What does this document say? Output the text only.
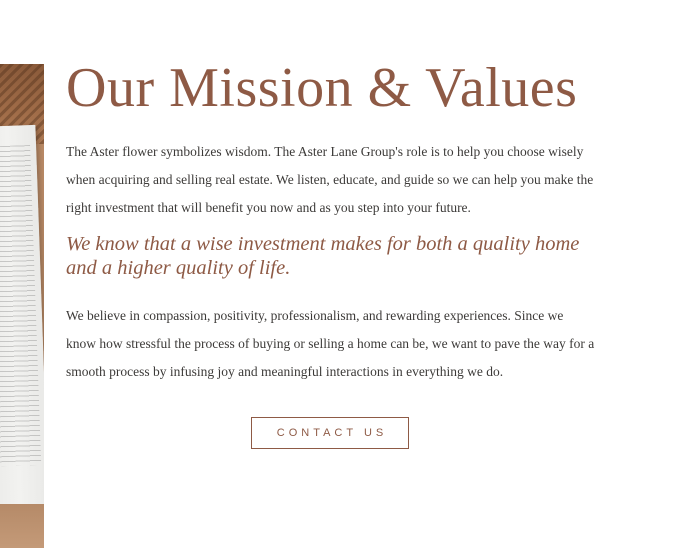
Our Mission & Values

The Aster flower symbolizes wisdom. The Aster Lane Group's role is to help you choose wisely when acquiring and selling real estate. We listen, educate, and guide so we can help you make the right investment that will benefit you now and as you step into your future.

We know that a wise investment makes for both a quality home and a higher quality of life.

We believe in compassion, positivity, professionalism, and rewarding experiences. Since we know how stressful the process of buying or selling a home can be, we want to pave the way for a smooth process by infusing joy and meaningful interactions in everything we do.

CONTACT US
